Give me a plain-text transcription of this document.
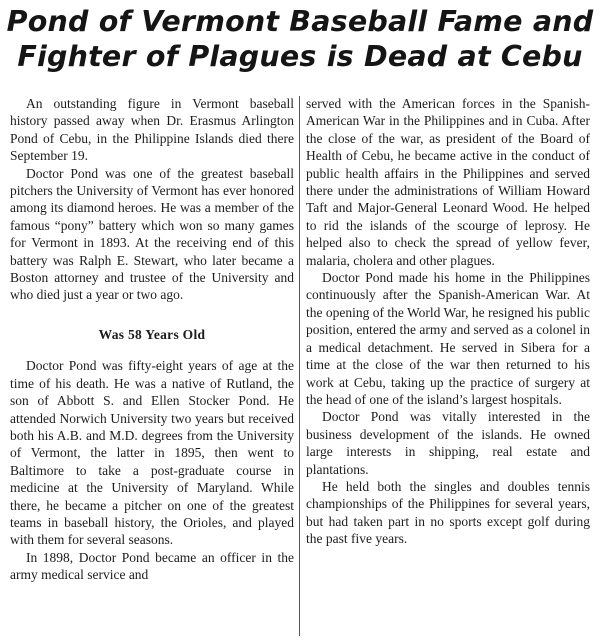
Pond of Vermont Baseball Fame and
Fighter of Plagues is Dead at Cebu

An outstanding figure in Vermont baseball history passed away when Dr. Erasmus Arlington Pond of Cebu, in the Philippine Islands died there September 19.

Doctor Pond was one of the greatest baseball pitchers the University of Vermont has ever honored among its diamond heroes. He was a member of the famous “pony” battery which won so many games for Vermont in 1893. At the receiving end of this battery was Ralph E. Stewart, who later became a Boston attorney and trustee of the University and who died just a year or two ago.

Was 58 Years Old

Doctor Pond was fifty-eight years of age at the time of his death. He was a native of Rutland, the son of Abbott S. and Ellen Stocker Pond. He attended Norwich University two years but received both his A.B. and M.D. degrees from the University of Vermont, the latter in 1895, then went to Baltimore to take a post-graduate course in medicine at the University of Maryland. While there, he became a pitcher on one of the greatest teams in baseball history, the Orioles, and played with them for several seasons.

In 1898, Doctor Pond became an officer in the army medical service and

served with the American forces in the Spanish-American War in the Philippines and in Cuba. After the close of the war, as president of the Board of Health of Cebu, he became active in the conduct of public health affairs in the Philippines and served there under the administrations of William Howard Taft and Major-General Leonard Wood. He helped to rid the islands of the scourge of leprosy. He helped also to check the spread of yellow fever, malaria, cholera and other plagues.

Doctor Pond made his home in the Philippines continuously after the Spanish-American War. At the opening of the World War, he resigned his public position, entered the army and served as a colonel in a medical detachment. He served in Sibera for a time at the close of the war then returned to his work at Cebu, taking up the practice of surgery at the head of one of the island’s largest hospitals.

Doctor Pond was vitally interested in the business development of the islands. He owned large interests in shipping, real estate and plantations.

He held both the singles and doubles tennis championships of the Philippines for several years, but had taken part in no sports except golf during the past five years.
